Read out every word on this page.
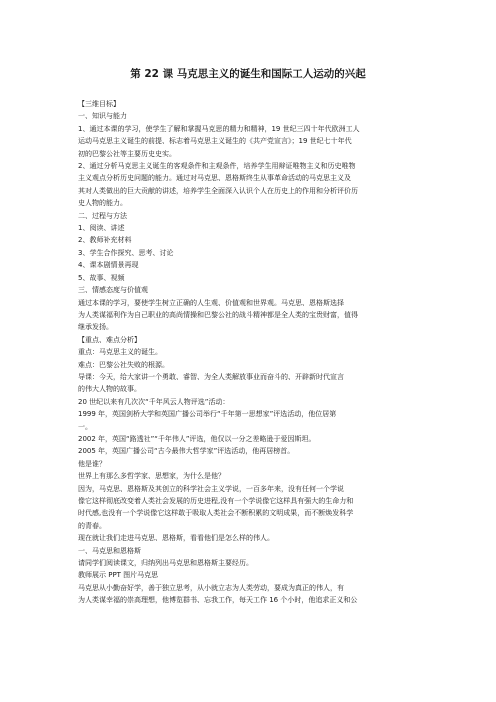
第 22 课 马克思主义的诞生和国际工人运动的兴起

【三维目标】

一、知识与能力

1、通过本课的学习，使学生了解和掌握马克思的精力和精神，19 世纪三四十年代欧洲工人

运动马克思主义诞生的前提、标志着马克思主义诞生的《共产党宣言》；19 世纪七十年代

初的巴黎公社等主要历史史实。

2、通过分析马克思主义诞生的客观条件和主观条件，培养学生用辩证唯物主义和历史唯物

主义观点分析历史问题的能力。通过对马克思、恩格斯终生从事革命活动的马克思主义及

其对人类做出的巨大贡献的讲述，培养学生全面深入认识个人在历史上的作用和分析评价历

史人物的能力。

二、过程与方法

1、阅读、讲述

2、教师补充材料

3、学生合作探究、思考、讨论

4、课本剧情景再现

5、故事、视频

三、情感态度与价值观

通过本课的学习，要使学生树立正确的人生观、价值观和世界观。马克思、恩格斯选择

为人类谋福利作为自己职业的高尚情操和巴黎公社的战斗精神都是全人类的宝贵财富，值得

继承发扬。

【重点、难点分析】

重点：马克思主义的诞生。

难点：巴黎公社失败的根源。

导课：今天，给大家讲一个勇敢、睿智、为全人类解放事业而奋斗的、开辟新时代宣言

的伟大人物的故事。

20 世纪以来有几次次“千年风云人物评选”活动：

1999 年，英国剑桥大学和英国广播公司举行“千年第一思想家”评选活动，他位居第

一。

2002 年，英国“路透社”“千年伟人”评选，他仅以一分之差略逊于爱因斯坦。

2005 年，英国广播公司“古今最伟大哲学家”评选活动，他再居榜首。

他是谁？

世界上有那么多哲学家、思想家，为什么是他？

因为，马克思、恩格斯及其创立的科学社会主义学说，一百多年来，没有任何一个学说

像它这样彻底改变着人类社会发展的历史进程,没有一个学说像它这样具有强大的生命力和

时代感,也没有一个学说像它这样敢于吸取人类社会不断积累的文明成果，而不断焕发科学

的青春。

现在就让我们走进马克思、恩格斯，看看他们是怎么样的伟人。

一、马克思和恩格斯

请同学们阅读课文，归纳列出马克思和恩格斯主要经历。

教师展示 PPT 图片马克思

马克思从小勤奋好学，善于独立思考，从小就立志为人类劳动，要成为真正的伟人，有

为人类谋幸福的崇高理想，他博览群书、忘我工作，每天工作 16 个小时，他追求正义和公
